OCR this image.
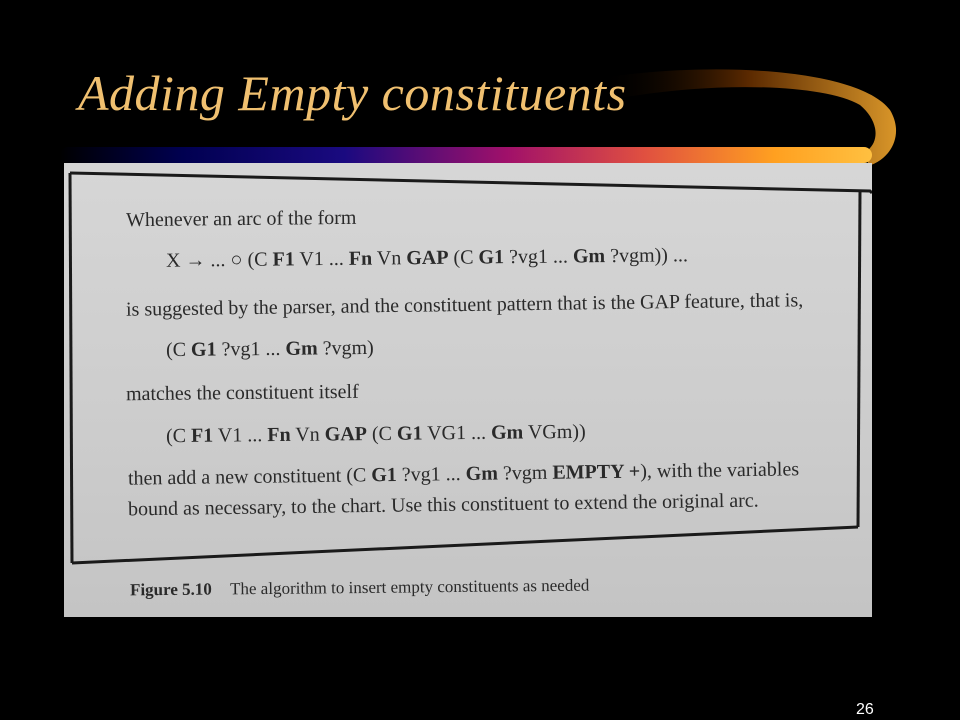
Adding Empty constituents
Whenever an arc of the form
X → ... ○ (C F1 V1 ... Fn Vn GAP (C G1 ?vg1 ... Gm ?vgm)) ...
is suggested by the parser, and the constituent pattern that is the GAP feature, that is,
(C G1 ?vg1 ... Gm ?vgm)
matches the constituent itself
(C F1 V1 ... Fn Vn GAP (C G1 VG1 ... Gm VGm))
then add a new constituent (C G1 ?vg1 ... Gm ?vgm EMPTY +), with the variables
bound as necessary, to the chart. Use this constituent to extend the original arc.
Figure 5.10 The algorithm to insert empty constituents as needed
26
